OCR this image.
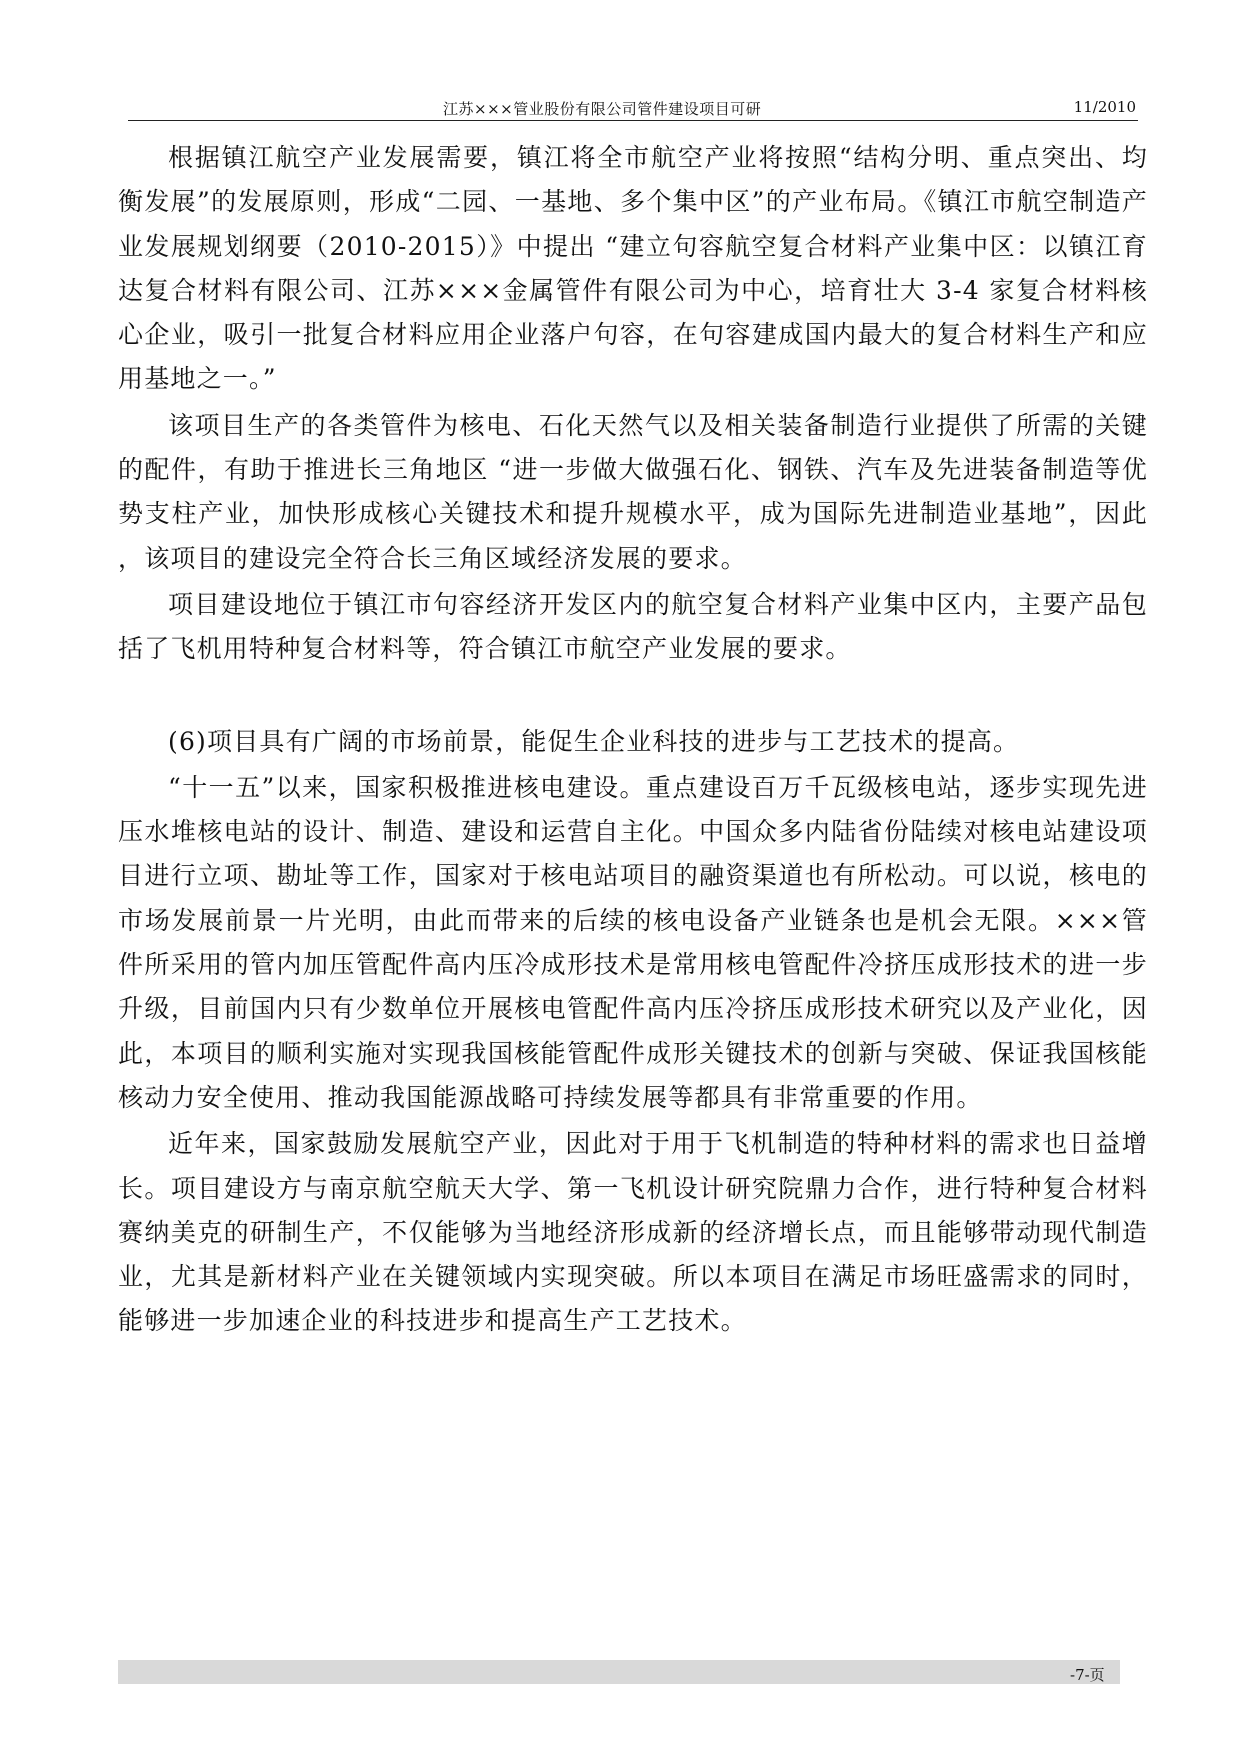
江苏×××管业股份有限公司管件建设项目可研	11/2010

根据镇江航空产业发展需要，镇江将全市航空产业将按照“结构分明、重点突出、均衡发展”的发展原则，形成“二园、一基地、多个集中区”的产业布局。《镇江市航空制造产业发展规划纲要（2010-2015）》中提出 “建立句容航空复合材料产业集中区：以镇江育达复合材料有限公司、江苏×××金属管件有限公司为中心，培育壮大 3-4 家复合材料核心企业，吸引一批复合材料应用企业落户句容，在句容建成国内最大的复合材料生产和应用基地之一。”

该项目生产的各类管件为核电、石化天然气以及相关装备制造行业提供了所需的关键的配件，有助于推进长三角地区 “进一步做大做强石化、钢铁、汽车及先进装备制造等优势支柱产业，加快形成核心关键技术和提升规模水平，成为国际先进制造业基地”，因此 ，该项目的建设完全符合长三角区域经济发展的要求。

项目建设地位于镇江市句容经济开发区内的航空复合材料产业集中区内，主要产品包括了飞机用特种复合材料等，符合镇江市航空产业发展的要求。

(6)项目具有广阔的市场前景，能促生企业科技的进步与工艺技术的提高。

“十一五”以来，国家积极推进核电建设。重点建设百万千瓦级核电站，逐步实现先进压水堆核电站的设计、制造、建设和运营自主化。中国众多内陆省份陆续对核电站建设项目进行立项、勘址等工作，国家对于核电站项目的融资渠道也有所松动。可以说，核电的市场发展前景一片光明，由此而带来的后续的核电设备产业链条也是机会无限。×××管件所采用的管内加压管配件高内压冷成形技术是常用核电管配件冷挤压成形技术的进一步升级，目前国内只有少数单位开展核电管配件高内压冷挤压成形技术研究以及产业化，因此，本项目的顺利实施对实现我国核能管配件成形关键技术的创新与突破、保证我国核能核动力安全使用、推动我国能源战略可持续发展等都具有非常重要的作用。

近年来，国家鼓励发展航空产业，因此对于用于飞机制造的特种材料的需求也日益增长。项目建设方与南京航空航天大学、第一飞机设计研究院鼎力合作，进行特种复合材料赛纳美克的研制生产，不仅能够为当地经济形成新的经济增长点，而且能够带动现代制造业，尤其是新材料产业在关键领域内实现突破。所以本项目在满足市场旺盛需求的同时，能够进一步加速企业的科技进步和提高生产工艺技术。

-7-页
